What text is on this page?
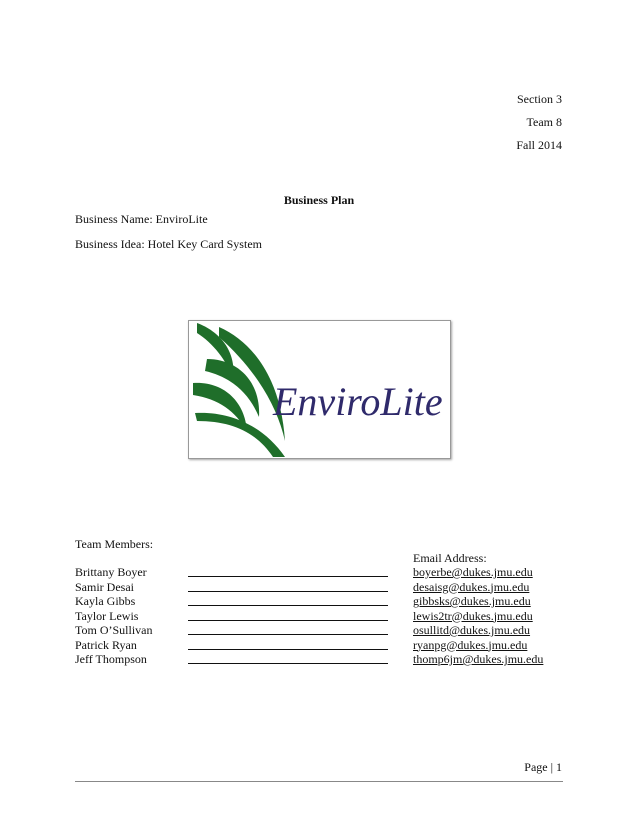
Section 3
Team 8
Fall 2014
Business Plan
Business Name: EnviroLite
Business Idea: Hotel Key Card System
EnviroLite
Team Members:
Email Address:
Brittany Boyer	boyerbe@dukes.jmu.edu
Samir Desai	desaisg@dukes.jmu.edu
Kayla Gibbs	gibbsks@dukes.jmu.edu
Taylor Lewis	lewis2tr@dukes.jmu.edu
Tom O’Sullivan	osullitd@dukes.jmu.edu
Patrick Ryan	ryanpg@dukes.jmu.edu
Jeff Thompson	thomp6jm@dukes.jmu.edu
Page | 1
